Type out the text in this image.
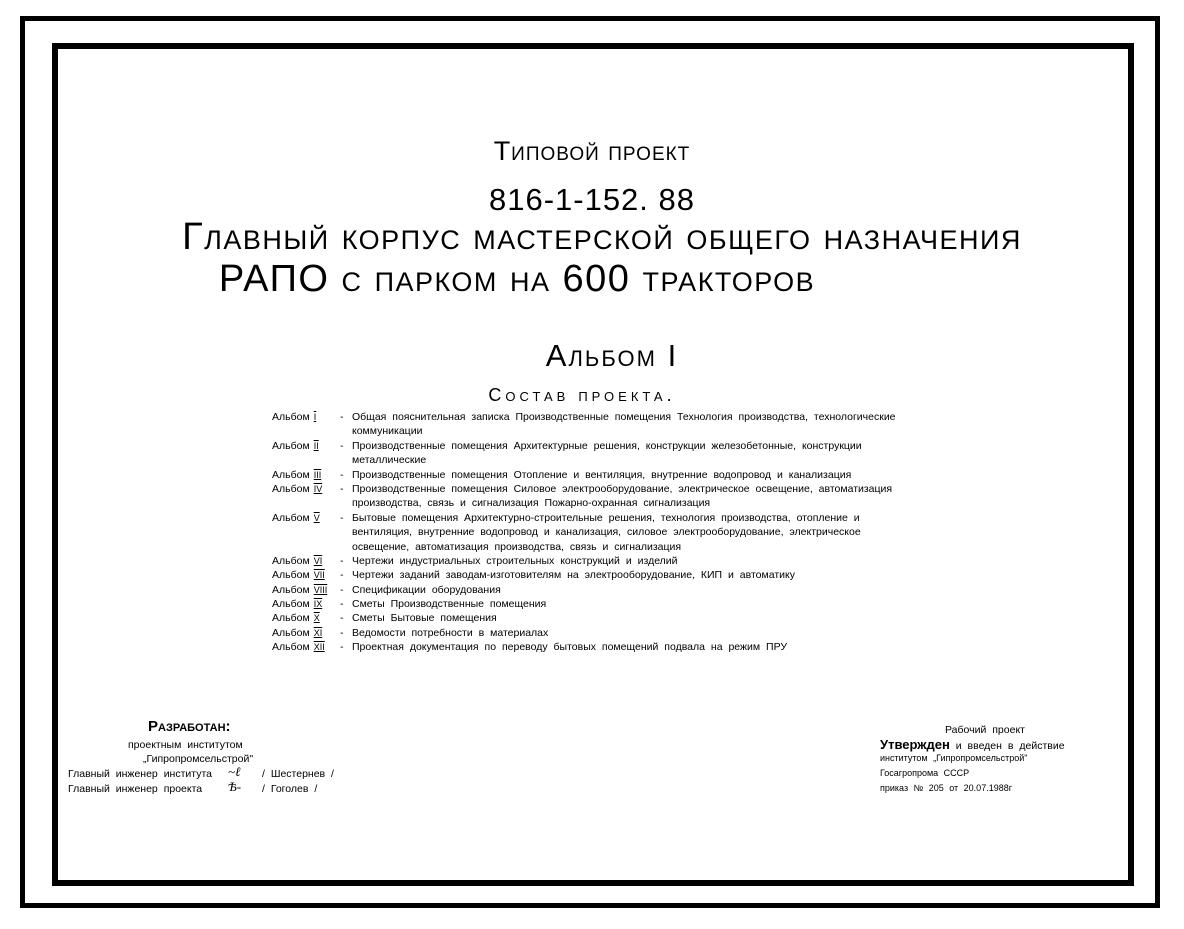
Типовой проект
816-1-152. 88
Главный корпус мастерской общего назначения
РАПО с парком на 600 тракторов
Альбом I
Состав проекта.
Альбом I	- Общая пояснительная записка Производственные помещения Технология производства, технологические
коммуникации
Альбом II	- Производственные помещения Архитектурные решения, конструкции железобетонные, конструкции
металлические
Альбом III	- Производственные помещения Отопление и вентиляция, внутренние водопровод и канализация
Альбом IV	- Производственные помещения Силовое электрооборудование, электрическое освещение, автоматизация
производства, связь и сигнализация Пожарно-охранная сигнализация
Альбом V	- Бытовые помещения Архитектурно-строительные решения, технология производства, отопление и
вентиляция, внутренние водопровод и канализация, силовое электрооборудование, электрическое
освещение, автоматизация производства, связь и сигнализация
Альбом VI	- Чертежи индустриальных строительных конструкций и изделий
Альбом VII	- Чертежи заданий заводам-изготовителям на электрооборудование, КИП и автоматику
Альбом VIII	- Спецификации оборудования
Альбом IX	- Сметы Производственные помещения
Альбом X	- Сметы Бытовые помещения
Альбом XI	- Ведомости потребности в материалах
Альбом XII	- Проектная документация по переводу бытовых помещений подвала на режим ПРУ
Разработан:
проектным институтом
„Гипропромсельстрой"
Главный инженер института ~ℓ / Шестернев /
Главный инженер проекта Ѣ- / Гоголев /
Рабочий проект
Утвержден и введен в действие
институтом „Гипропромсельстрой"
Госагропрома СССР
приказ № 205 от 20.07.1988г
